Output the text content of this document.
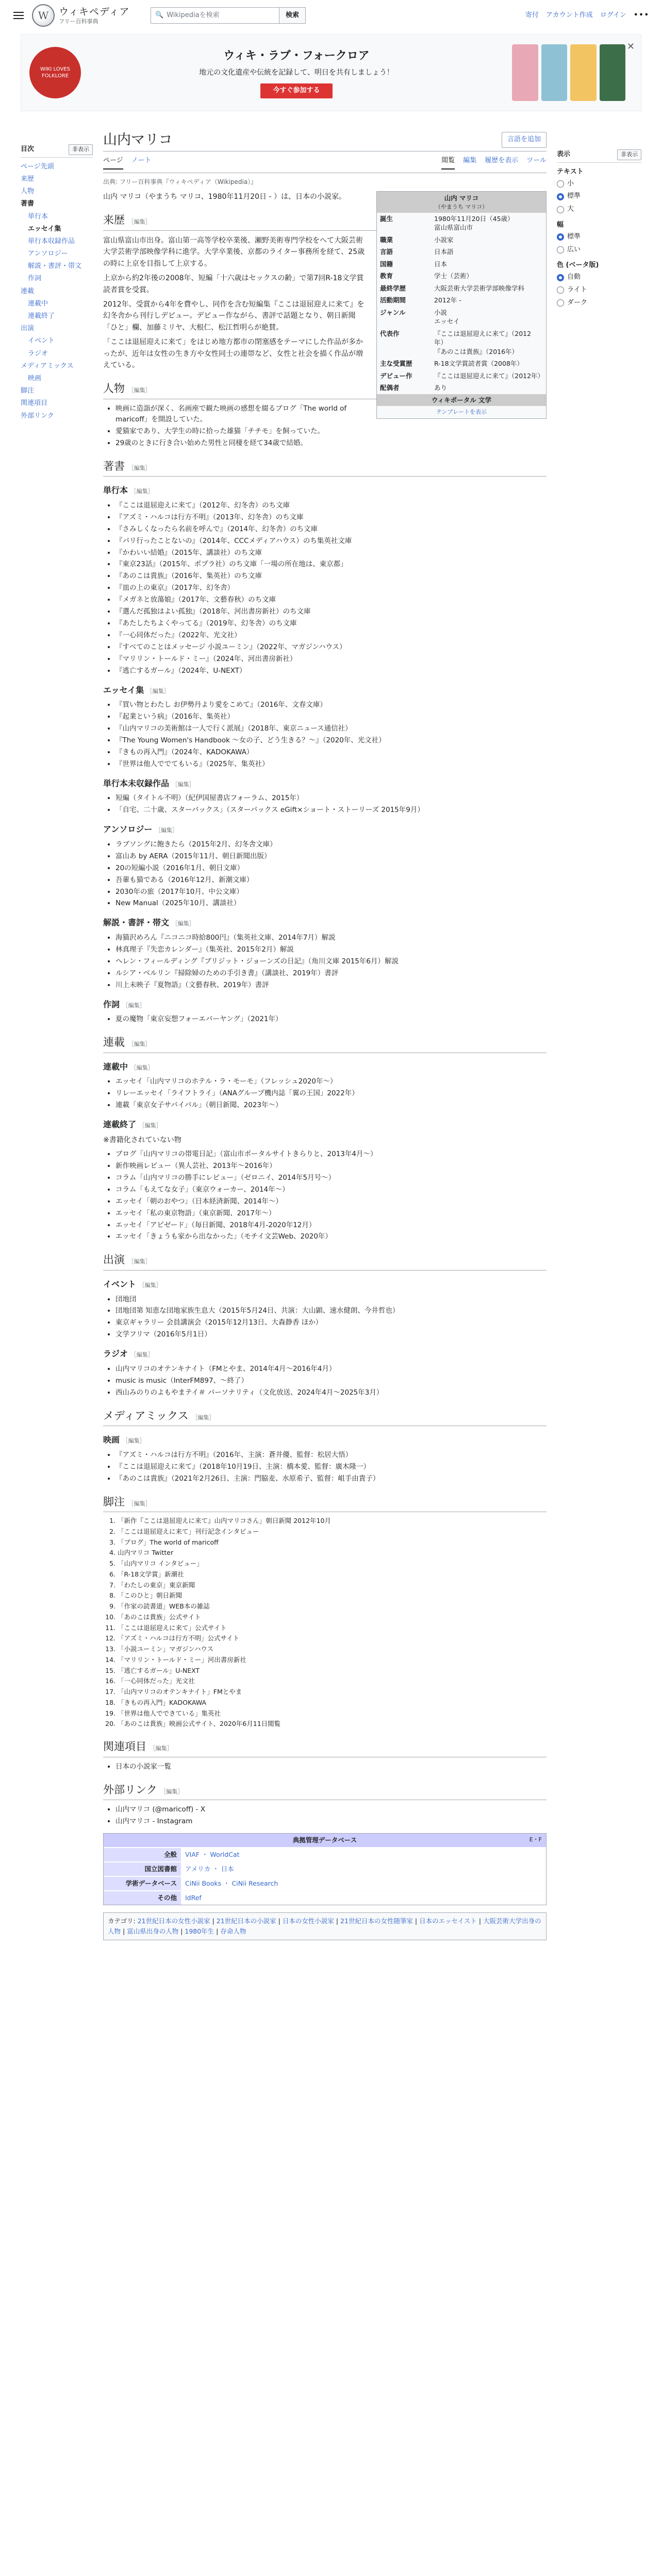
W	ウィキペディア
フリー百科事典
🔍 Wikipediaを検索	検索	寄付 アカウント作成 ログイン •••
WIKI LOVES FOLKLORE
ウィキ・ラブ・フォークロア

地元の文化遺産や伝統を記録して、明日を共有しましょう！

今すぐ参加する
✕
目次	非表示
ページ先頭
来歴
人物
著書
単行本
エッセイ集
単行本収録作品
アンソロジー
解説・書評・帯文
作詞
連載
連載中
連載終了
出演
イベント
ラジオ
メディアミックス
映画
脚注
関連項目
外部リンク
表示	非表示
テキスト
小
標準
大
幅
標準
広い
色 (ベータ版)
自動
ライト
ダーク
山内マリコ	言語を追加
ページ ノート	閲覧 編集 履歴を表示 ツール
出典: フリー百科事典『ウィキペディア（Wikipedia）』
山内 マリコ
（やまうち マリコ）
誕生	1980年11月20日（45歳）
富山県富山市
職業	小説家
言語	日本語
国籍	日本
教育	学士（芸術）
最終学歴	大阪芸術大学芸術学部映像学科
活動期間	2012年 -
ジャンル	小説
エッセイ
代表作	『ここは退屈迎えに来て』（2012年）
『あのこは貴族』（2016年）
主な受賞歴	R-18文学賞読者賞（2008年）
デビュー作	『ここは退屈迎えに来て』（2012年）
配偶者	あり
ウィキポータル 文学
テンプレートを表示

山内 マリコ（やまうち マリコ、1980年11月20日 - ）は、日本の小説家。

来歴 ［編集］

富山県富山市出身。富山第一高等学校卒業後、瀬野美術専門学校をへて大阪芸術大学芸術学部映像学科に進学。大学卒業後、京都のライター事務所を経て、25歳の時に上京を目指して上京する。

上京から約2年後の2008年、短編「十六歳はセックスの齢」で第7回R-18文学賞読者賞を受賞。

2012年、受賞から4年を費やし、同作を含む短編集『ここは退屈迎えに来て』を幻冬舎から刊行しデビュー。デビュー作ながら、書評で話題となり、朝日新聞「ひと」欄、加藤ミリヤ、大根仁、松江哲明らが絶賛。

「ここは退屈迎えに来て」をはじめ地方都市の閉塞感をテーマにした作品が多かったが、近年は女性の生き方や女性同士の連帯など、女性と社会を描く作品が増えている。

人物 ［編集］
• 映画に造詣が深く、名画座で観た映画の感想を綴るブログ「The world of maricoff」を開設していた。
• 愛猫家であり、大学生の時に拾った雄猫「チチモ」を飼っていた。
• 29歳のときに行き合い始めた男性と同棲を経て34歳で結婚。
著書 ［編集］
単行本 ［編集］
• 『ここは退屈迎えに来て』（2012年、幻冬舎）のち文庫
• 『アズミ・ハルコは行方不明』（2013年、幻冬舎）のち文庫
• 『さみしくなったら名前を呼んで』（2014年、幻冬舎）のち文庫
• 『パリ行ったことないの』（2014年、CCCメディアハウス）のち集英社文庫
• 『かわいい結婚』（2015年、講談社）のち文庫
• 『東京23話』（2015年、ポプラ社）のち文庫「一場の所在地は、東京都」
• 『あのこは貴族』（2016年、集英社）のち文庫
• 『皿の上の東京』（2017年、幻冬舎）
• 『メガネと放蕩娘』（2017年、文藝春秋）のち文庫
• 『選んだ孤独はよい孤独』（2018年、河出書房新社）のち文庫
• 『あたしたちよくやってる』（2019年、幻冬舎）のち文庫
• 『一心同体だった』（2022年、光文社）
• 『すべてのことはメッセージ 小説ユーミン』（2022年、マガジンハウス）
• 『マリリン・トールド・ミー』（2024年、河出書房新社）
• 『逃亡するガール』（2024年、U-NEXT）
エッセイ集 ［編集］
• 『買い物とわたし お伊勢丹より愛をこめて』（2016年、文春文庫）
• 『起業という病』（2016年、集英社）
• 『山内マリコの美術館は一人で行く派展』（2018年、東京ニュース通信社）
• 『The Young Women's Handbook ～女の子、どう生きる？～』（2020年、光文社）
• 『きもの再入門』（2024年、KADOKAWA）
• 『世界は他人ででてもいる』（2025年、集英社）
単行本未収録作品 ［編集］
• 短編（タイトル不明）（紀伊国屋書店フォーラム、2015年）
• 「自宅、二十歳、スターバックス」（スターバックス eGift×ショート・ストーリーズ 2015年9月）
アンソロジー ［編集］
• ラブソングに飽きたら（2015年2月、幻冬舎文庫）
• 富山あ by AERA（2015年11月、朝日新聞出版）
• 20の短編小説（2016年1月、朝日文庫）
• 吾輩も猫である（2016年12月、新潮文庫）
• 2030年の旅（2017年10月、中公文庫）
• New Manual（2025年10月、講談社）
解説・書評・帯文 ［編集］
• 海猫沢めろん『ニコニコ時給800円』（集英社文庫、2014年7月）解説
• 林真理子『失恋カレンダー』（集英社、2015年2月）解説
• ヘレン・フィールディング『ブリジット・ジョーンズの日記』（角川文庫 2015年6月）解説
• ルシア・ベルリン『掃除婦のための手引き書』（講談社、2019年）書評
• 川上未映子『夏物語』（文藝春秋、2019年）書評
作詞 ［編集］
• 夏の魔物「東京妄想フォーエバーヤング」（2021年）
連載 ［編集］
連載中 ［編集］
• エッセイ「山内マリコのホテル・ラ・モーモ」（フレッシュ2020年～）
• リレーエッセイ「ライフトライ」（ANAグループ機内誌「翼の王国」2022年）
• 連載「東京女子サバイバル」（朝日新聞、2023年～）
連載終了 ［編集］

※書籍化されていない物

• ブログ「山内マリコの帯電日記」（富山市ポータルサイトきらりと、2013年4月～）
• 新作映画レビュー（異人芸社、2013年～2016年）
• コラム「山内マリコの勝手にレビュー」（ゼロニイ、2014年5月号～）
• コラム「もえてな女子」（東京ウォーカー、2014年～）
• エッセイ「朝のおやつ」（日本経済新聞、2014年～）
• エッセイ「私の東京物語」（東京新聞、2017年～）
• エッセイ「アピゼード」（毎日新聞、2018年4月-2020年12月）
• エッセイ「きょうも家から出なかった」（モチイ文芸Web、2020年）
出演 ［編集］
イベント ［編集］
• 団地団
• 団地団第 知恵な団地家族生息大（2015年5月24日、共演：大山顕、速水健朗、今井哲也）
• 東京ギャラリー 会員講演会（2015年12月13日、大森静香 ほか）
• 文学フリマ（2016年5月1日）
ラジオ ［編集］
• 山内マリコのオテンキナイト（FMとやま、2014年4月～2016年4月）
• music is music（InterFM897、～終了）
• 西山みのりのよもやまテイ＃ パーソナリティ（文化放送、2024年4月～2025年3月）
メディアミックス ［編集］
映画 ［編集］
• 『アズミ・ハルコは行方不明』（2016年、主演：蒼井優、監督：松居大悟）
• 『ここは退屈迎えに来て』（2018年10月19日、主演：橋本愛、監督：廣木隆一）
• 『あのこは貴族』（2021年2月26日、主演：門脇麦、水原希子、監督：岨手由貴子）
脚注 ［編集］
1. 「新作『ここは退屈迎えに来て』山内マリコさん」朝日新聞 2012年10月
2. 「ここは退屈迎えに来て」刊行記念インタビュー
3. 「ブログ」The world of maricoff
4. 山内マリコ Twitter
5. 「山内マリコ インタビュー」
6. 「R-18文学賞」新潮社
7. 「わたしの東京」東京新聞
8. 「このひと」朝日新聞
9. 「作家の読書道」WEB本の雑誌
10. 「あのこは貴族」公式サイト
11. 「ここは退屈迎えに来て」公式サイト
12. 「アズミ・ハルコは行方不明」公式サイト
13. 「小説ユーミン」マガジンハウス
14. 「マリリン・トールド・ミー」河出書房新社
15. 「逃亡するガール」U-NEXT
16. 「一心同体だった」光文社
17. 「山内マリコのオテンキナイト」FMとやま
18. 「きもの再入門」KADOKAWA
19. 「世界は他人でできている」集英社
20. 「あのこは貴族」映画公式サイト、2020年6月11日閲覧
関連項目 ［編集］
• 日本の小説家一覧
外部リンク ［編集］
• 山内マリコ (@maricoff) - X
• 山内マリコ - Instagram
E・F
典拠管理データベース
全般	VIAF ・ WorldCat
国立図書館	アメリカ ・ 日本
学術データベース	CiNii Books ・ CiNii Research
その他	IdRef
カテゴリ: 21世紀日本の女性小説家 | 21世紀日本の小説家 | 日本の女性小説家 | 21世紀日本の女性随筆家 | 日本のエッセイスト | 大阪芸術大学出身の人物 | 富山県出身の人物 | 1980年生 | 存命人物
